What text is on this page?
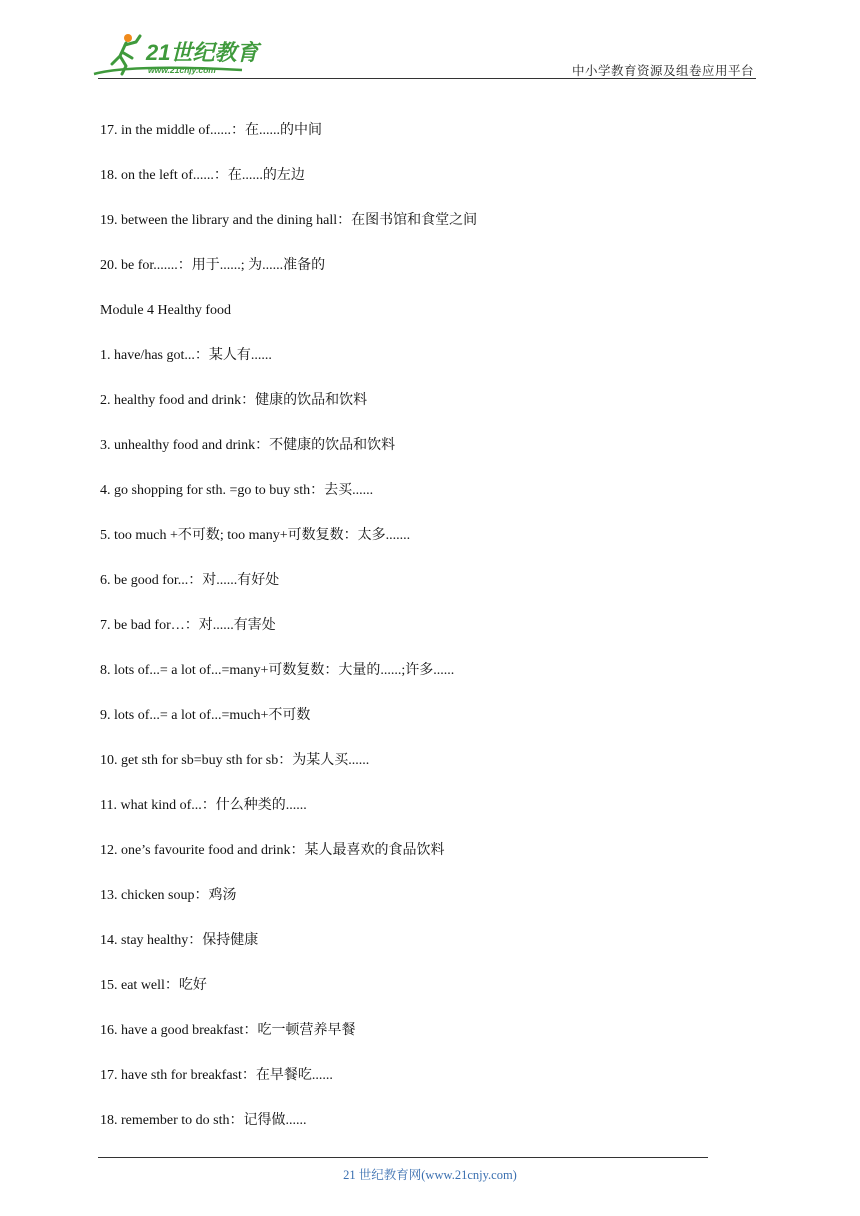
21世纪教育
www.21cnjy.com	中小学教育资源及组卷应用平台
17. in the middle of......：在......的中间
18. on the left of......：在......的左边
19. between the library and the dining hall：在图书馆和食堂之间
20. be for.......：用于......; 为......准备的
Module 4 Healthy food
1. have/has got...：某人有......
2. healthy food and drink：健康的饮品和饮料
3. unhealthy food and drink：不健康的饮品和饮料
4. go shopping for sth. =go to buy sth：去买......
5. too much +不可数; too many+可数复数：太多.......
6. be good for...：对......有好处
7. be bad for…：对......有害处
8. lots of...= a lot of...=many+可数复数：大量的......;许多......
9. lots of...= a lot of...=much+不可数
10. get sth for sb=buy sth for sb：为某人买......
11. what kind of...：什么种类的......
12. one’s favourite food and drink：某人最喜欢的食品饮料
13. chicken soup：鸡汤
14. stay healthy：保持健康
15. eat well：吃好
16. have a good breakfast：吃一顿营养早餐
17. have sth for breakfast：在早餐吃......
18. remember to do sth：记得做......
21 世纪教育网(www.21cnjy.com)
